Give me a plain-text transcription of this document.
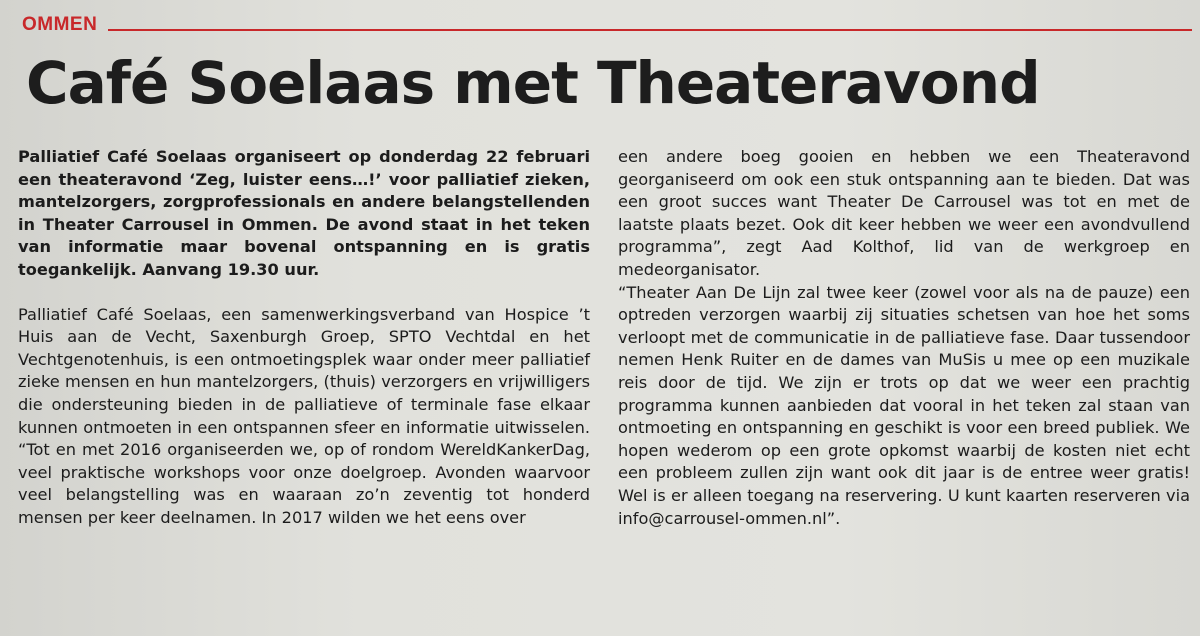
OMMEN
Café Soelaas met Theateravond

Palliatief Café Soelaas organiseert op donderdag 22 februari een theateravond ‘Zeg, luister eens…!’ voor palliatief zieken, mantelzorgers, zorgprofessionals en andere belangstellenden in Theater Carrousel in Ommen. De avond staat in het teken van informatie maar bovenal ontspanning en is gratis toegankelijk. Aanvang 19.30 uur.

Palliatief Café Soelaas, een samenwerkingsverband van Hospice ’t Huis aan de Vecht, Saxenburgh Groep, SPTO Vechtdal en het Vechtgenotenhuis, is een ontmoetingsplek waar onder meer palliatief zieke mensen en hun mantelzorgers, (thuis) verzorgers en vrijwilligers die ondersteuning bieden in de palliatieve of terminale fase elkaar kunnen ontmoeten in een ontspannen sfeer en informatie uitwisselen. “Tot en met 2016 organiseerden we, op of rondom WereldKankerDag, veel praktische workshops voor onze doelgroep. Avonden waarvoor veel belangstelling was en waaraan zo’n zeventig tot honderd mensen per keer deelnamen. In 2017 wilden we het eens over

een andere boeg gooien en hebben we een Theateravond georganiseerd om ook een stuk ontspanning aan te bieden. Dat was een groot succes want Theater De Carrousel was tot en met de laatste plaats bezet. Ook dit keer hebben we weer een avondvullend programma”, zegt Aad Kolthof, lid van de werkgroep en medeorganisator.

“Theater Aan De Lijn zal twee keer (zowel voor als na de pauze) een optreden verzorgen waarbij zij situaties schetsen van hoe het soms verloopt met de communicatie in de palliatieve fase. Daar tussendoor nemen Henk Ruiter en de dames van MuSis u mee op een muzikale reis door de tijd. We zijn er trots op dat we weer een prachtig programma kunnen aanbieden dat vooral in het teken zal staan van ontmoeting en ontspanning en geschikt is voor een breed publiek. We hopen wederom op een grote opkomst waarbij de kosten niet echt een probleem zullen zijn want ook dit jaar is de entree weer gratis! Wel is er alleen toegang na reservering. U kunt kaarten reserveren via info@carrousel-ommen.nl”.
